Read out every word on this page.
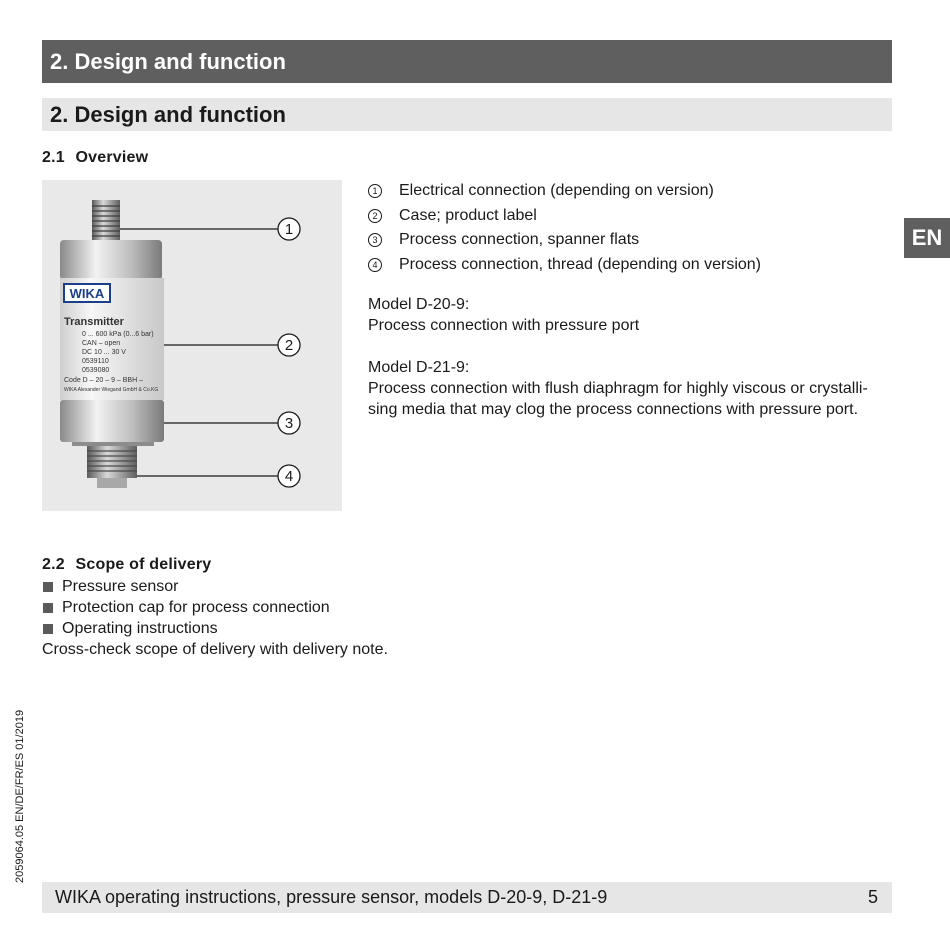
2. Design and function
2. Design and function
2.1 Overview
WIKA
Transmitter
0 ... 600 kPa (0...6 bar)
CAN – open
DC 10 ... 30 V
0539110
0539080
Code D – 20 – 9 – BBH –
WIKA Alexander Wiegand GmbH & Co.KG
1
2
3
4
1 Electrical connection (depending on version)
2 Case; product label
3 Process connection, spanner flats
4 Process connection, thread (depending on version)
Model D-20-9:
Process connection with pressure port
Model D-21-9:
Process connection with flush diaphragm for highly viscous or crystalli-
sing media that may clog the process connections with pressure port.
EN
2.2 Scope of delivery
Pressure sensor
Protection cap for process connection
Operating instructions
Cross-check scope of delivery with delivery note.
2059064.05 EN/DE/FR/ES 01/2019
WIKA operating instructions, pressure sensor, models D-20-9, D-21-9	5
